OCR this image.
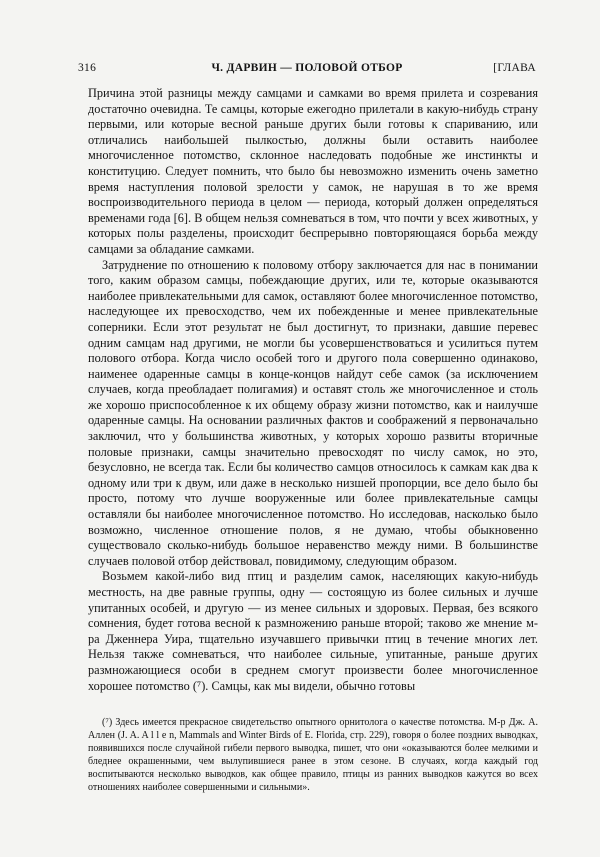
316	Ч. ДАРВИН — ПОЛОВОЙ ОТБОР	[ГЛАВА

Причина этой разницы между самцами и самками во время прилета и созревания достаточно очевидна. Те самцы, которые ежегодно прилетали в какую-нибудь страну первыми, или которые весной раньше других были готовы к спариванию, или отличались наибольшей пылкостью, должны были оставить наиболее многочисленное потомство, склонное наследовать подобные же инстинкты и конституцию. Следует помнить, что было бы невозможно изменить очень заметно время наступления половой зрелости у самок, не нарушая в то же время воспроизводительного периода в целом — периода, который должен определяться временами года [6]. В общем нельзя сомневаться в том, что почти у всех животных, у которых полы разделены, происходит беспрерывно повторяющаяся борьба между самцами за обладание самками.

Затруднение по отношению к половому отбору заключается для нас в понимании того, каким образом самцы, побеждающие других, или те, которые оказываются наиболее привлекательными для самок, оставляют более многочисленное потомство, наследующее их превосходство, чем их побежденные и менее привлекательные соперники. Если этот результат не был достигнут, то признаки, давшие перевес одним самцам над другими, не могли бы усовершенствоваться и усилиться путем полового отбора. Когда число особей того и другого пола совершенно одинаково, наименее одаренные самцы в конце-концов найдут себе самок (за исключением случаев, когда преобладает полигамия) и оставят столь же многочисленное и столь же хорошо приспособленное к их общему образу жизни потомство, как и наилучше одаренные самцы. На основании различных фактов и соображений я первоначально заключил, что у большинства животных, у которых хорошо развиты вторичные половые признаки, самцы значительно превосходят по числу самок, но это, безусловно, не всегда так. Если бы количество самцов относилось к самкам как два к одному или три к двум, или даже в несколько низшей пропорции, все дело было бы просто, потому что лучше вооруженные или более привлекательные самцы оставляли бы наиболее многочисленное потомство. Но исследовав, насколько было возможно, численное отношение полов, я не думаю, чтобы обыкновенно существовало сколько-нибудь большое неравенство между ними. В большинстве случаев половой отбор действовал, повидимому, следующим образом.

Возьмем какой-либо вид птиц и разделим самок, населяющих какую-нибудь местность, на две равные группы, одну — состоящую из более сильных и лучше упитанных особей, и другую — из менее сильных и здоровых. Первая, без всякого сомнения, будет готова весной к размножению раньше второй; таково же мнение м-ра Дженнера Уира, тщательно изучавшего привычки птиц в течение многих лет. Нельзя также сомневаться, что наиболее сильные, упитанные, раньше других размножающиеся особи в среднем смогут произвести более многочисленное хорошее потомство (⁷). Самцы, как мы видели, обычно готовы

(⁷) Здесь имеется прекрасное свидетельство опытного орнитолога о качестве потомства. М-р Дж. А. Аллен (J. A. A l l e n, Mammals and Winter Birds of E. Florida, стр. 229), говоря о более поздних выводках, появившихся после случайной гибели первого выводка, пишет, что они «оказываются более мелкими и бледнее окрашенными, чем вылупившиеся ранее в этом сезоне. В случаях, когда каждый год воспитываются несколько выводков, как общее правило, птицы из ранних выводков кажутся во всех отношениях наиболее совершенными и сильными».
